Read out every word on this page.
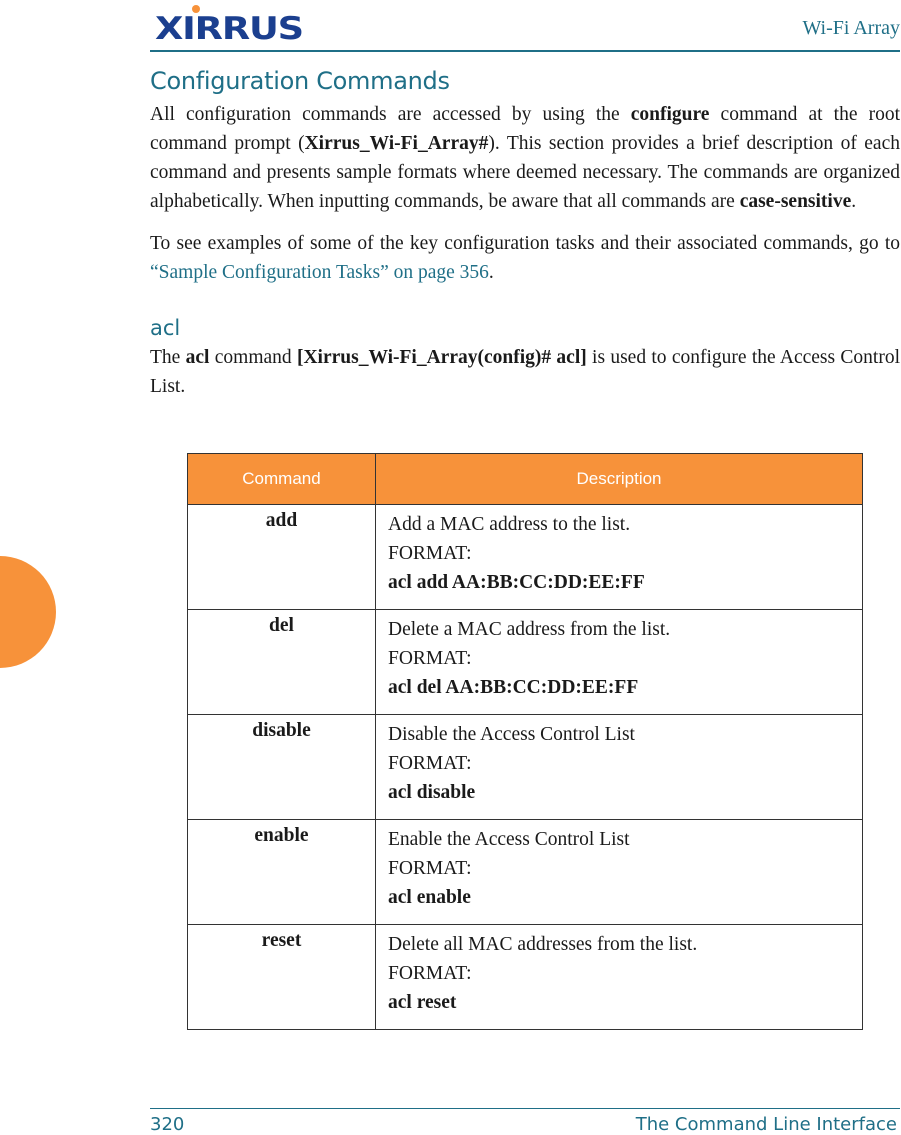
XIRRUS	Wi-Fi Array
Configuration Commands

All configuration commands are accessed by using the configure command at the root command prompt (Xirrus_Wi-Fi_Array#). This section provides a brief description of each command and presents sample formats where deemed necessary. The commands are organized alphabetically. When inputting commands, be aware that all commands are case-sensitive.

To see examples of some of the key configuration tasks and their associated commands, go to “Sample Configuration Tasks” on page 356.

acl

The acl command [Xirrus_Wi-Fi_Array(config)# acl] is used to configure the Access Control List.

Command	Description
add	Add a MAC address to the list.
FORMAT:
acl add AA:BB:CC:DD:EE:FF

del	Delete a MAC address from the list.
FORMAT:
acl del AA:BB:CC:DD:EE:FF

disable	Disable the Access Control List
FORMAT:
acl disable

enable	Enable the Access Control List
FORMAT:
acl enable

reset	Delete all MAC addresses from the list.
FORMAT:
acl reset
320	The Command Line Interface
